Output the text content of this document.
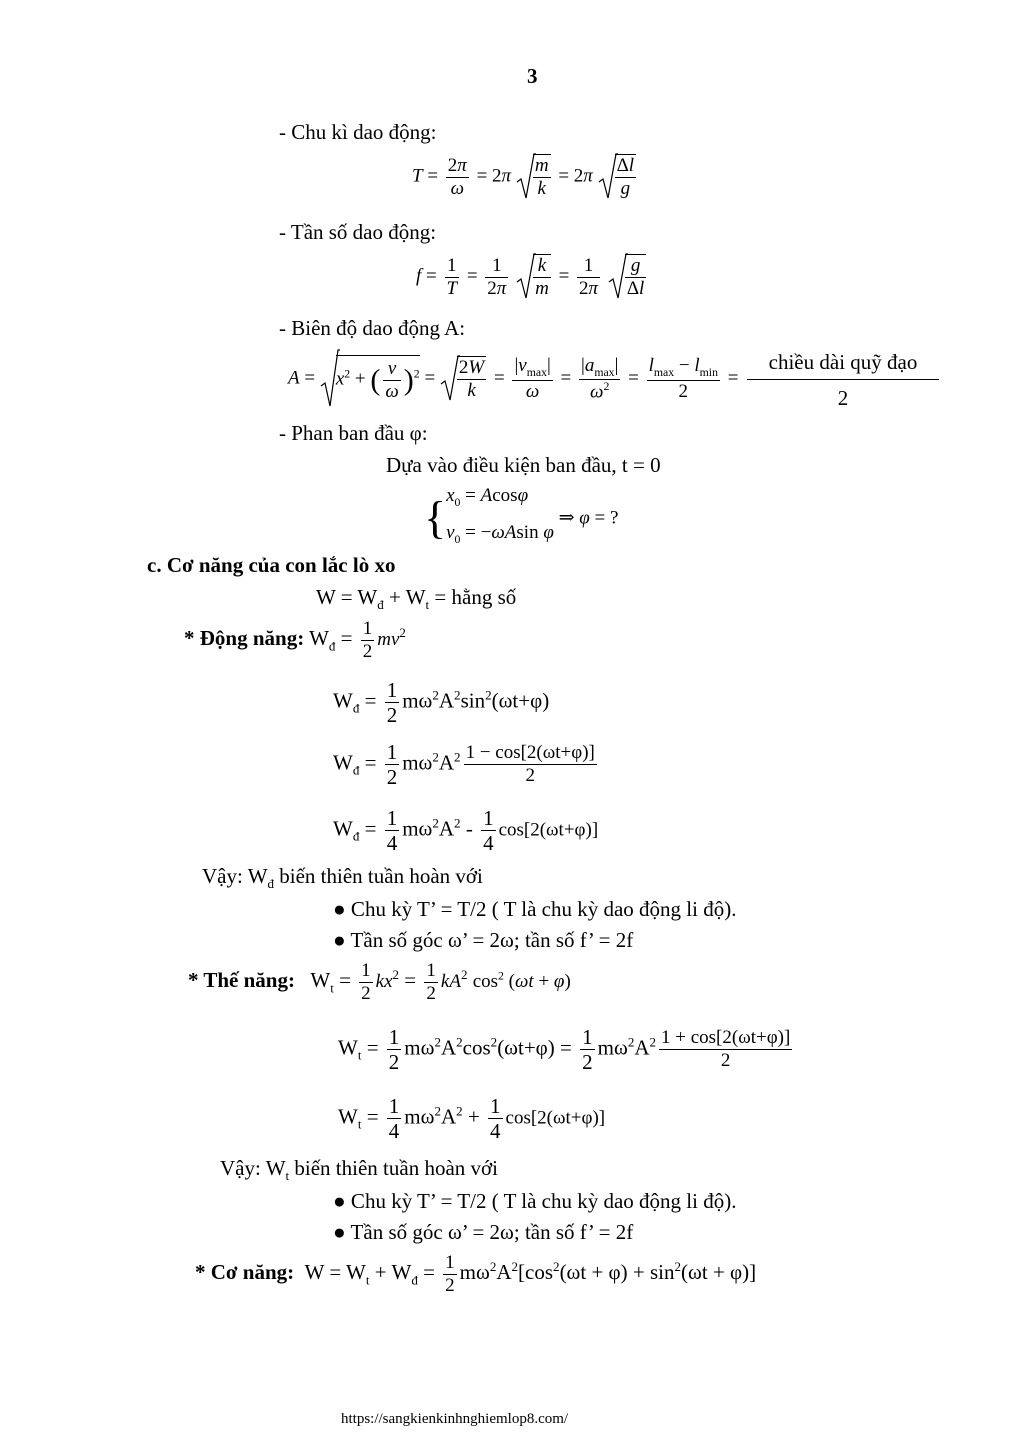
3
- Chu kì dao động:
$T = \frac{2\pi}{\omega} = 2\pi \frac{m}{k} = 2\pi \frac{\Delta l}{g}$
- Tần số dao động:
$f = \frac{1}{T} = \frac{1}{2\pi}$
$\frac{k}{m} = \frac{1}{2\pi}$
$\frac{g}{\Delta l}$
- Biên độ dao động A:
$A = x^2$ + ( $\frac{v}{\omega} )^2 = \frac{2W}{k} = \frac{|v_{max}|}{\omega} = \frac{|a_{max}|}{\omega^2} = \frac{l_{max} - l_{min}}{2}$ =
chiều dài quỹ đạo
2
- Phan ban đầu φ:
Dựa vào điều kiện ban đầu, t = 0
{$x_0 = Acos\varphi$
$v_0 = -\omega Asin$ φ ⇒ φ = ?
c. Cơ năng của con lắc lò xo
$W = W_đ + W_t$ = hằng số
* Động năng: $W_đ = \frac{1}{2} mv^2$
$W_đ = \frac{1}{2} m\omega^2A^2\sin^2(\omega t+\varphi)$
$W_đ = \frac{1}{2} m\omega^2A^2 \frac{1 - \cos[2(\omega t+\varphi)]}{2}$
$W_đ = \frac{1}{4} m\omega^2A^2 - \frac{1}{4} \cos[2(\omega t+\varphi)]$
Vậy: $W_đ$ biến thiên tuần hoàn với
● Chu kỳ T’ = T/2 ( T là chu kỳ dao động li độ).
● Tần số góc ω’ = 2ω; tần số f’ = 2f
* Thế năng:   $W_t = \frac{1}{2} kx^2 = \frac{1}{2} kA^2$ $\cos^2 (\omega t + \varphi)$
$W_t = \frac{1}{2} m\omega^2A^2\cos^2(\omega t+\varphi) = \frac{1}{2} m\omega^2A^2 \frac{1 + \cos[2(\omega t+\varphi)]}{2}$
$W_t = \frac{1}{4} m\omega^2A^2 + \frac{1}{4} \cos[2(\omega t+\varphi)]$
Vậy: $W_t$ biến thiên tuần hoàn với
● Chu kỳ T’ = T/2 ( T là chu kỳ dao động li độ).
● Tần số góc ω’ = 2ω; tần số f’ = 2f
* Cơ năng:  $W = W_t + W_đ = \frac{1}{2} m\omega^2A^2[\cos^2(\omega t + \varphi) + \sin^2(\omega t + \varphi)]$
https://sangkienkinhnghiemlop8.com/
